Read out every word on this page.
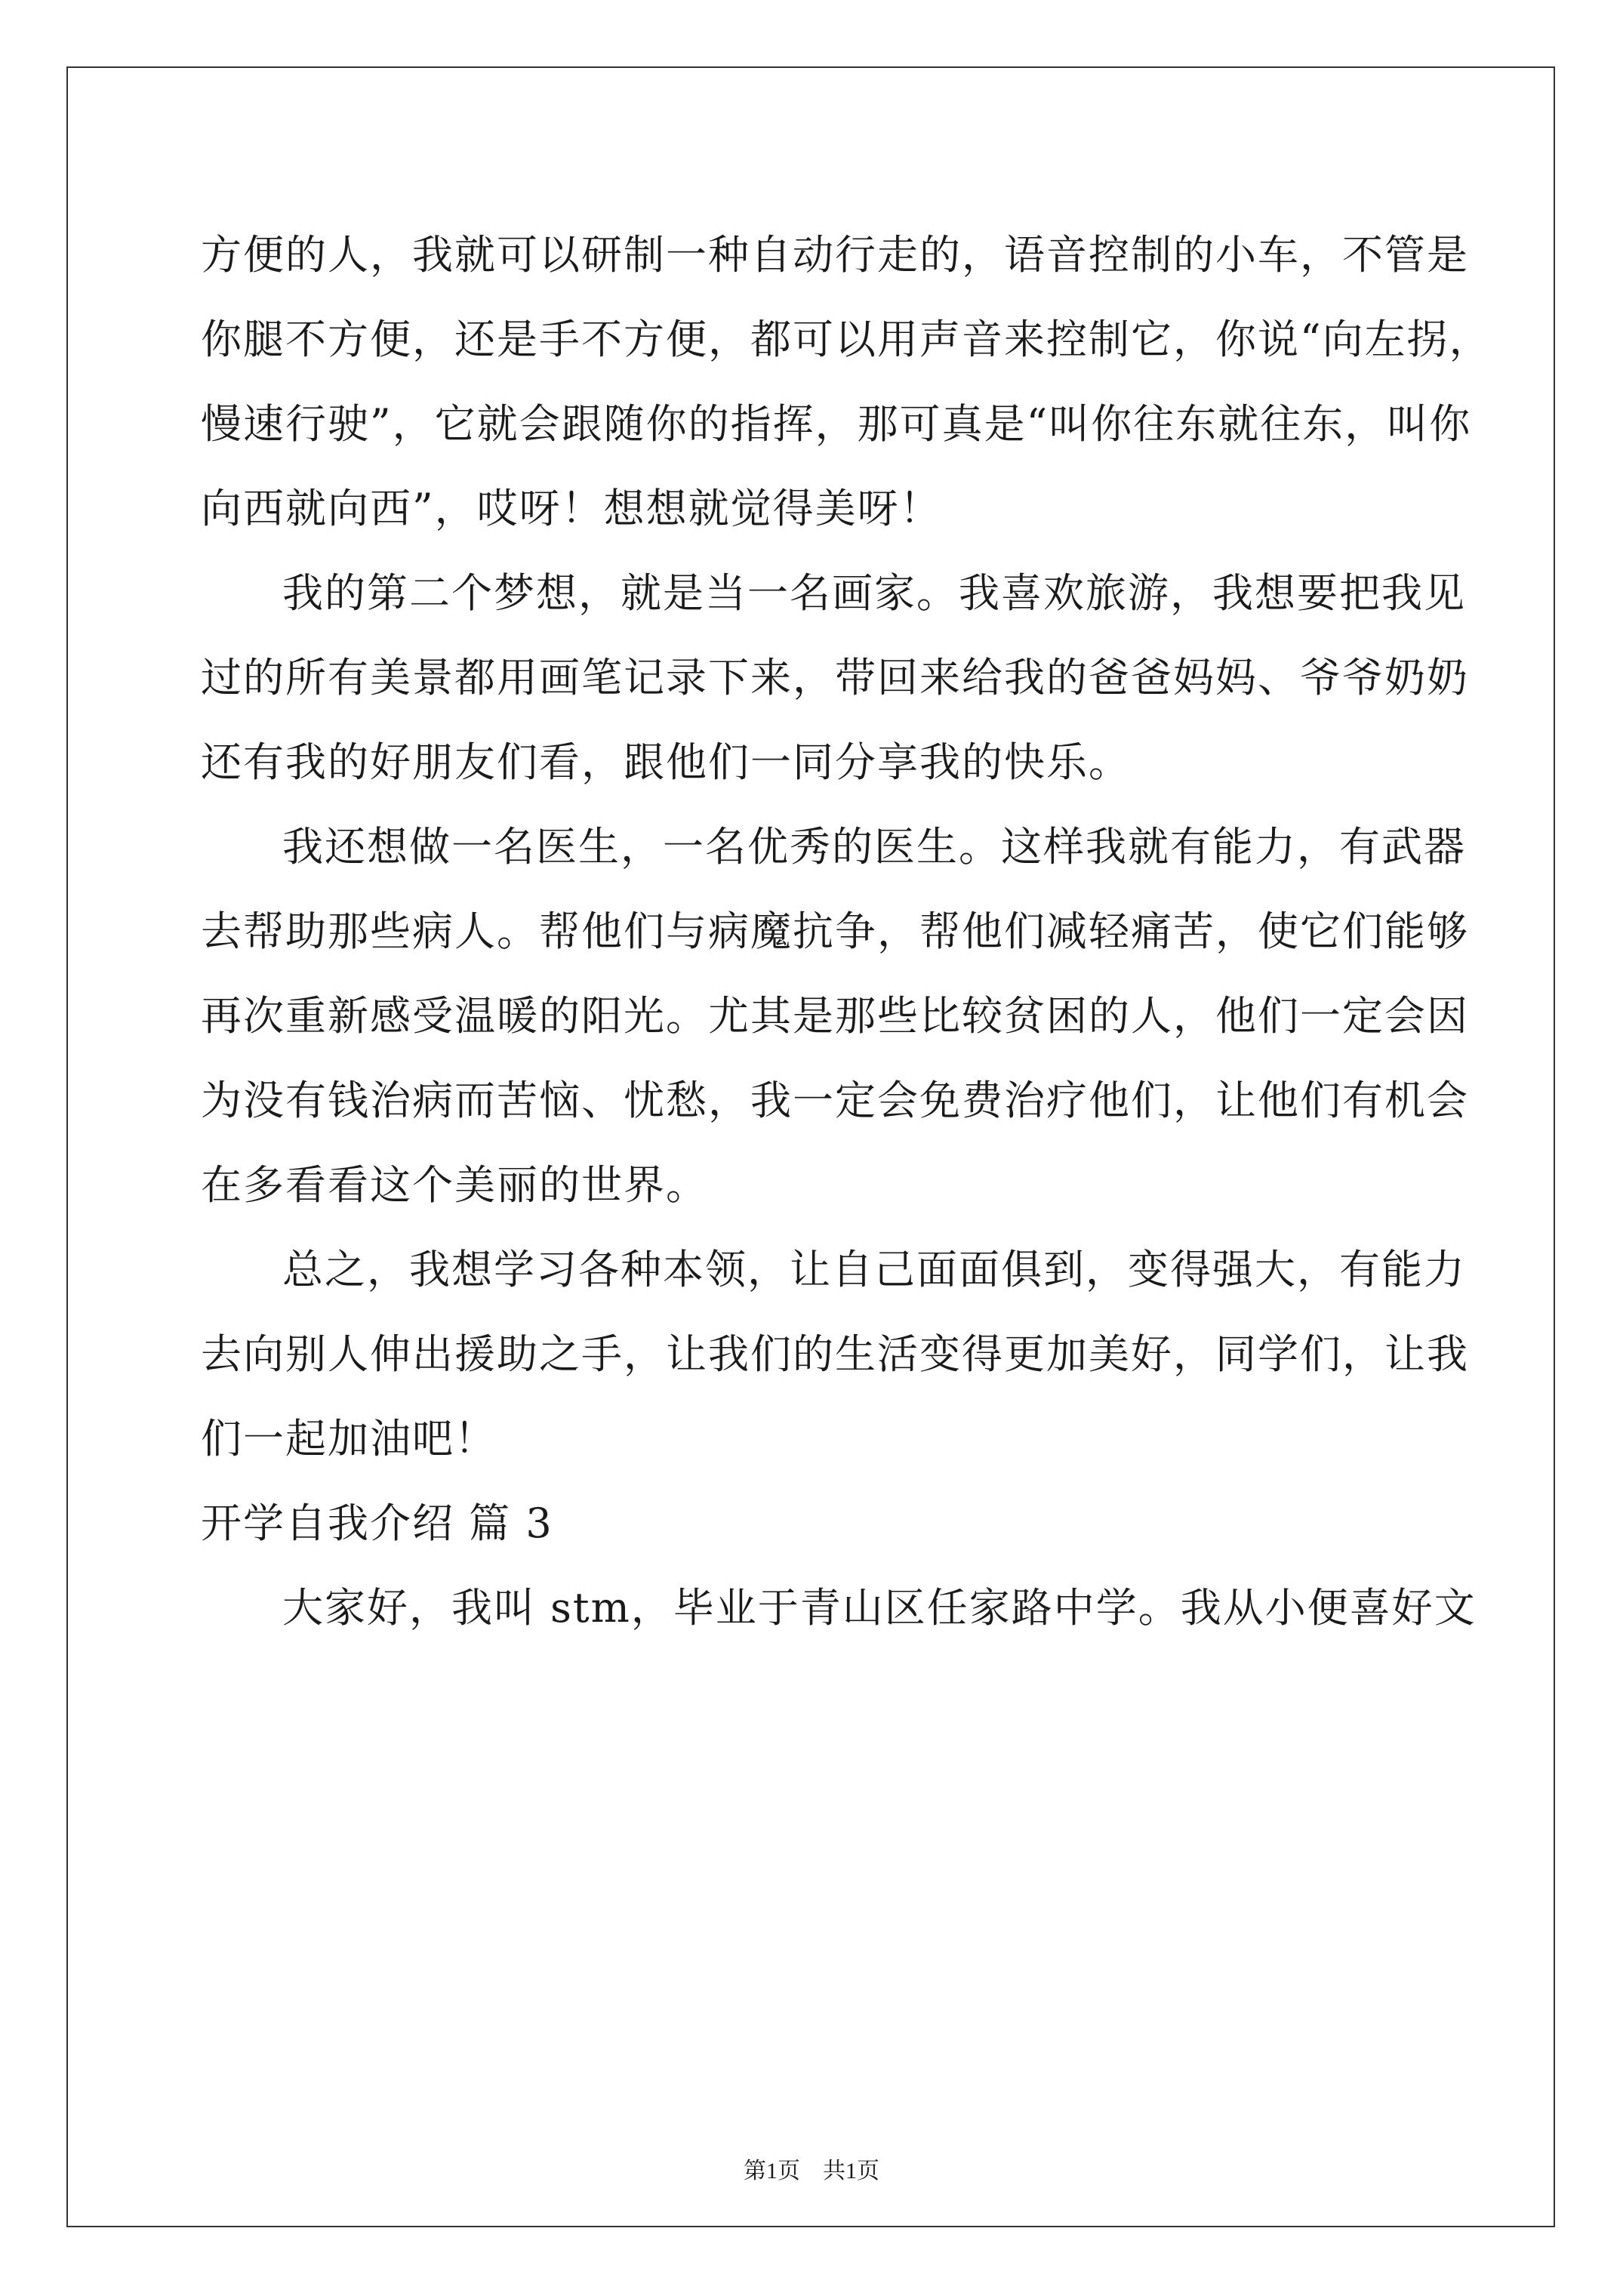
方便的人，我就可以研制一种自动行走的，语音控制的小车，不管是
你腿不方便，还是手不方便，都可以用声音来控制它，你说“向左拐，
慢速行驶”，它就会跟随你的指挥，那可真是“叫你往东就往东，叫你
向西就向西”，哎呀！想想就觉得美呀！
我的第二个梦想，就是当一名画家。我喜欢旅游，我想要把我见
过的所有美景都用画笔记录下来，带回来给我的爸爸妈妈、爷爷奶奶
还有我的好朋友们看，跟他们一同分享我的快乐。
我还想做一名医生，一名优秀的医生。这样我就有能力，有武器
去帮助那些病人。帮他们与病魔抗争，帮他们减轻痛苦，使它们能够
再次重新感受温暖的阳光。尤其是那些比较贫困的人，他们一定会因
为没有钱治病而苦恼、忧愁，我一定会免费治疗他们，让他们有机会
在多看看这个美丽的世界。
总之，我想学习各种本领，让自己面面俱到，变得强大，有能力
去向别人伸出援助之手，让我们的生活变得更加美好，同学们，让我
们一起加油吧！
开学自我介绍 篇 3
大家好，我叫 stm，毕业于青山区任家路中学。我从小便喜好文
第1页    共1页
